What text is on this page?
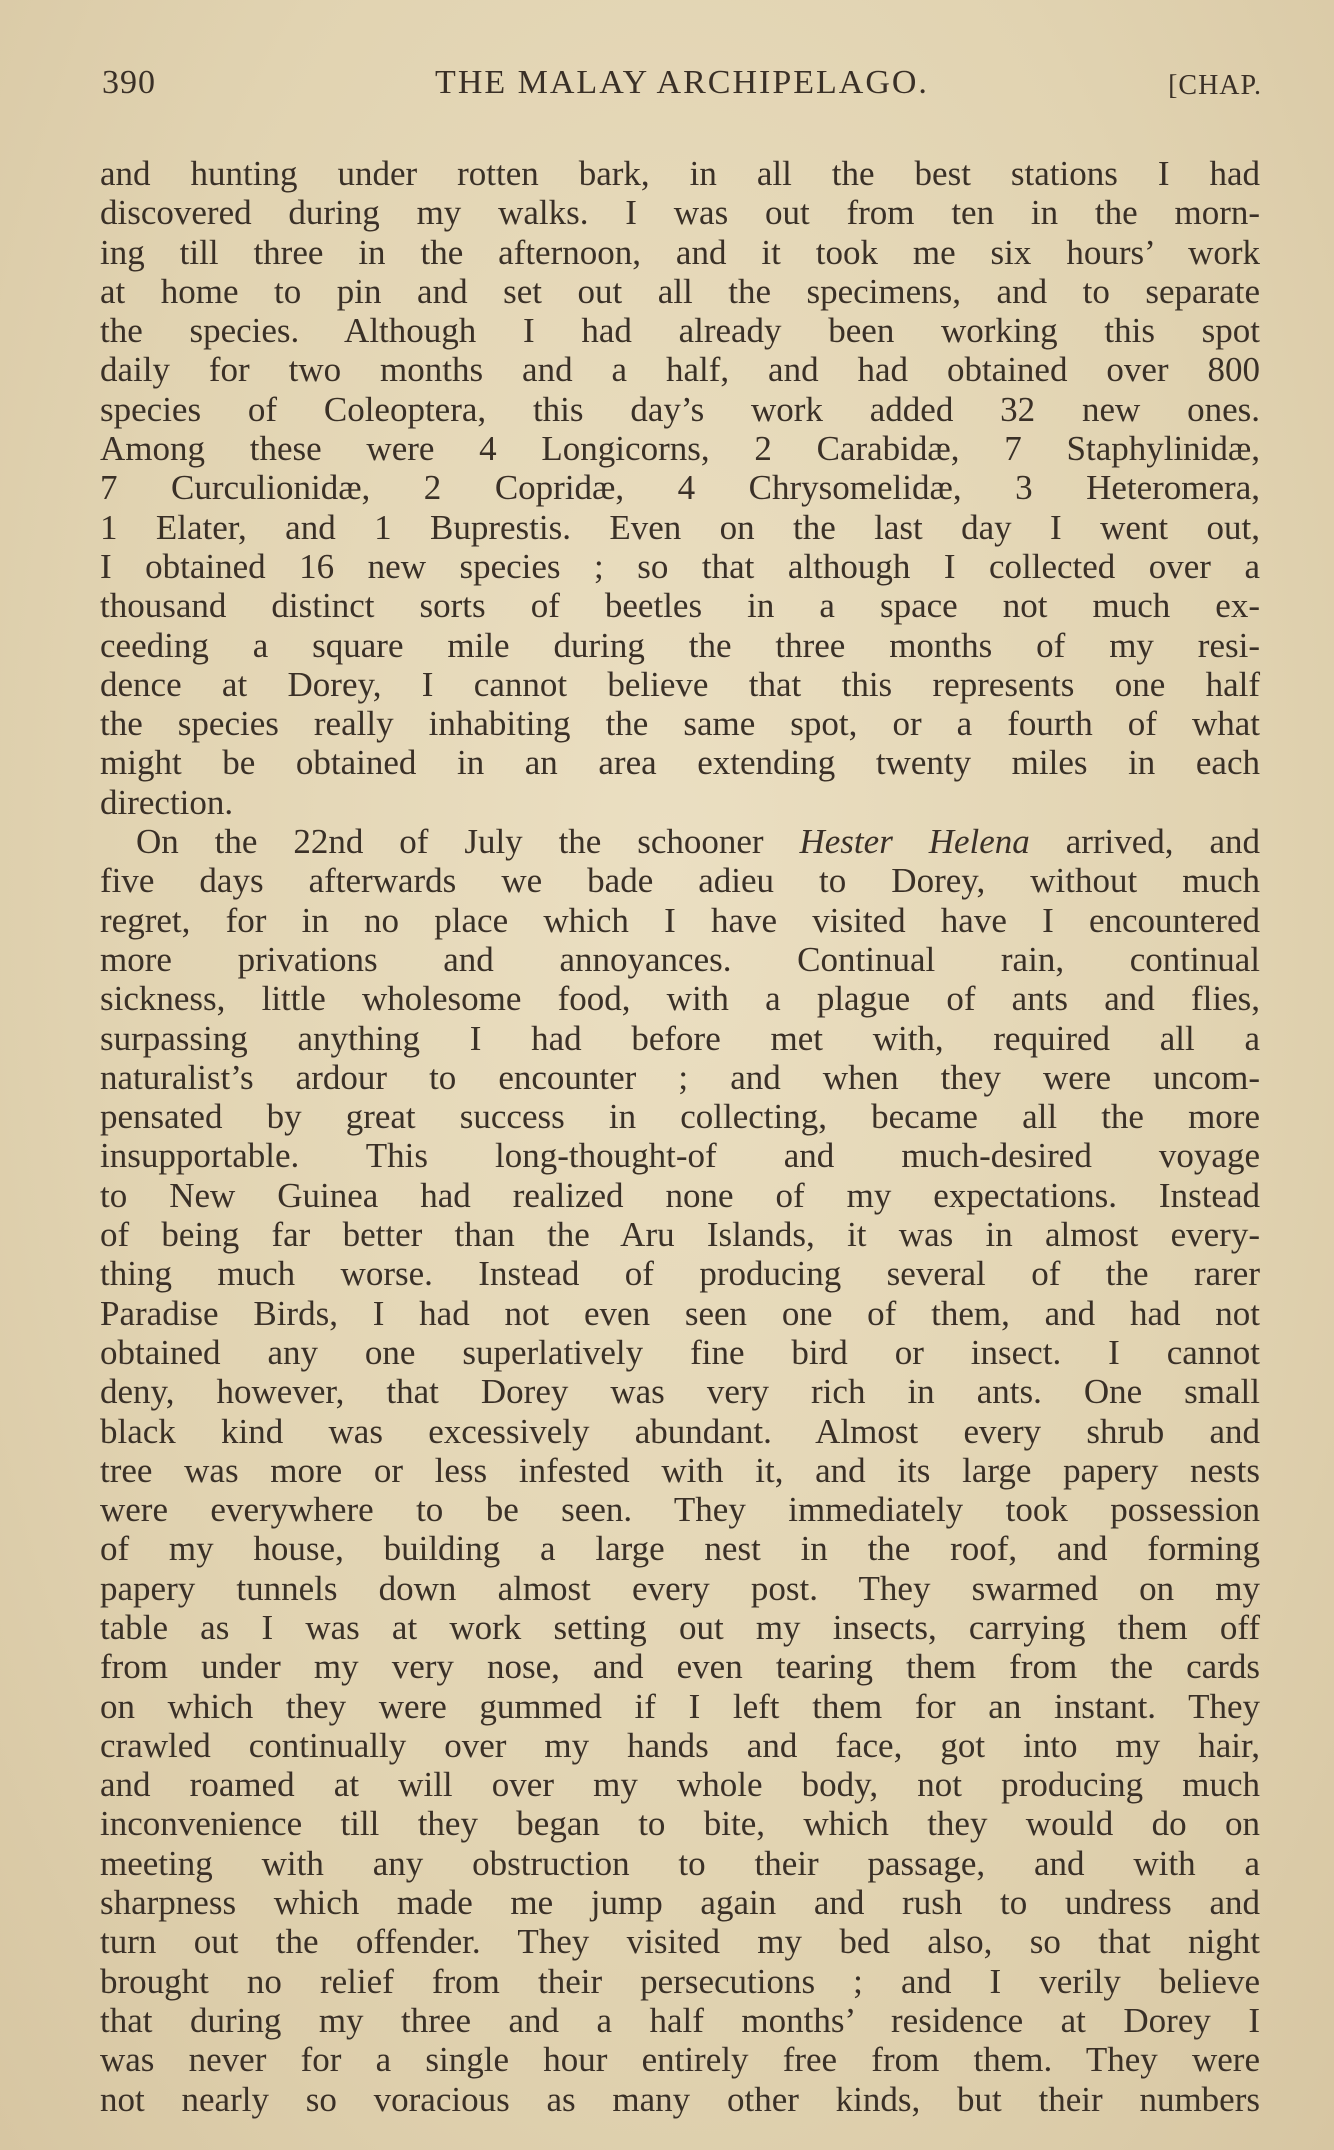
390	THE MALAY ARCHIPELAGO.	[CHAP.
and hunting under rotten bark, in all the best stations I had
discovered during my walks. I was out from ten in the morn-
ing till three in the afternoon, and it took me six hours’ work
at home to pin and set out all the specimens, and to separate
the species. Although I had already been working this spot
daily for two months and a half, and had obtained over 800
species of Coleoptera, this day’s work added 32 new ones.
Among these were 4 Longicorns, 2 Carabidæ, 7 Staphylinidæ,
7 Curculionidæ, 2 Copridæ, 4 Chrysomelidæ, 3 Heteromera,
1 Elater, and 1 Buprestis. Even on the last day I went out,
I obtained 16 new species ; so that although I collected over a
thousand distinct sorts of beetles in a space not much ex-
ceeding a square mile during the three months of my resi-
dence at Dorey, I cannot believe that this represents one half
the species really inhabiting the same spot, or a fourth of what
might be obtained in an area extending twenty miles in each
direction.
On the 22nd of July the schooner Hester Helena arrived, and
five days afterwards we bade adieu to Dorey, without much
regret, for in no place which I have visited have I encountered
more privations and annoyances. Continual rain, continual
sickness, little wholesome food, with a plague of ants and flies,
surpassing anything I had before met with, required all a
naturalist’s ardour to encounter ; and when they were uncom-
pensated by great success in collecting, became all the more
insupportable. This long-thought-of and much-desired voyage
to New Guinea had realized none of my expectations. Instead
of being far better than the Aru Islands, it was in almost every-
thing much worse. Instead of producing several of the rarer
Paradise Birds, I had not even seen one of them, and had not
obtained any one superlatively fine bird or insect. I cannot
deny, however, that Dorey was very rich in ants. One small
black kind was excessively abundant. Almost every shrub and
tree was more or less infested with it, and its large papery nests
were everywhere to be seen. They immediately took possession
of my house, building a large nest in the roof, and forming
papery tunnels down almost every post. They swarmed on my
table as I was at work setting out my insects, carrying them off
from under my very nose, and even tearing them from the cards
on which they were gummed if I left them for an instant. They
crawled continually over my hands and face, got into my hair,
and roamed at will over my whole body, not producing much
inconvenience till they began to bite, which they would do on
meeting with any obstruction to their passage, and with a
sharpness which made me jump again and rush to undress and
turn out the offender. They visited my bed also, so that night
brought no relief from their persecutions ; and I verily believe
that during my three and a half months’ residence at Dorey I
was never for a single hour entirely free from them. They were
not nearly so voracious as many other kinds, but their numbers
